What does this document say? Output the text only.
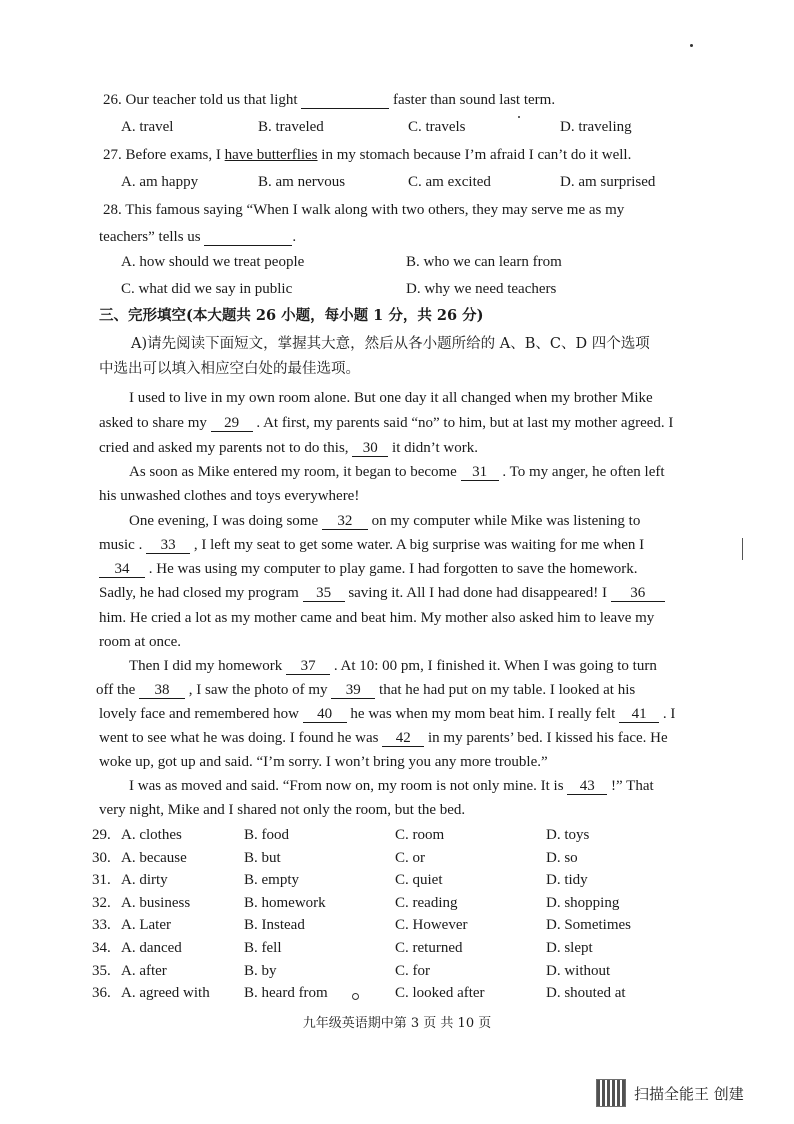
26. Our teacher told us that light	faster than sound last term.
A. travel	B. traveled	C. travels	D. traveling
27. Before exams, I have butterflies in my stomach because I’m afraid I can’t do it well.
A. am happy	B. am nervous	C. am excited	D. am surprised
28. This famous saying “When I walk along with two others, they may serve me as my
teachers” tells us	.
A. how should we treat people	B. who we can learn from
C. what did we say in public	D. why we need teachers
三、完形填空(本大题共 26 小题，每小题 1 分，共 26 分)
A)请先阅读下面短文，掌握其大意，然后从各小题所给的 A、B、C、D 四个选项
中选出可以填入相应空白处的最佳选项。
I used to live in my own room alone. But one day it all changed when my brother Mike
asked to share my 29 . At first, my parents said “no” to him, but at last my mother agreed. I
cried and asked my parents not to do this, 30 it didn’t work.
As soon as Mike entered my room, it began to become 31 . To my anger, he often left
his unwashed clothes and toys everywhere!
One evening, I was doing some 32 on my computer while Mike was listening to
music . 33 , I left my seat to get some water. A big surprise was waiting for me when I
34 . He was using my computer to play game. I had forgotten to save the homework.
Sadly, he had closed my program 35 saving it. All I had done had disappeared! I 36
him. He cried a lot as my mother came and beat him. My mother also asked him to leave my
room at once.
Then I did my homework 37 . At 10: 00 pm, I finished it. When I was going to turn
off the 38 , I saw the photo of my 39 that he had put on my table. I looked at his
lovely face and remembered how 40 he was when my mom beat him. I really felt 41 . I
went to see what he was doing. I found he was 42 in my parents’ bed. I kissed his face. He
woke up, got up and said. “I’m sorry. I won’t bring you any more trouble.”
I was as moved and said. “From now on, my room is not only mine. It is 43 !” That
very night, Mike and I shared not only the room, but the bed.
29. A. clothes	B. food	C. room	D. toys
30. A. because	B. but	C. or	D. so
31. A. dirty	B. empty	C. quiet	D. tidy
32. A. business	B. homework	C. reading	D. shopping
33. A. Later	B. Instead	C. However	D. Sometimes
34. A. danced	B. fell	C. returned	D. slept
35. A. after	B. by	C. for	D. without
36. A. agreed with B. heard from	C. looked after	D. shouted at
九年级英语期中第 3 页 共 10 页
扫描全能王 创建
